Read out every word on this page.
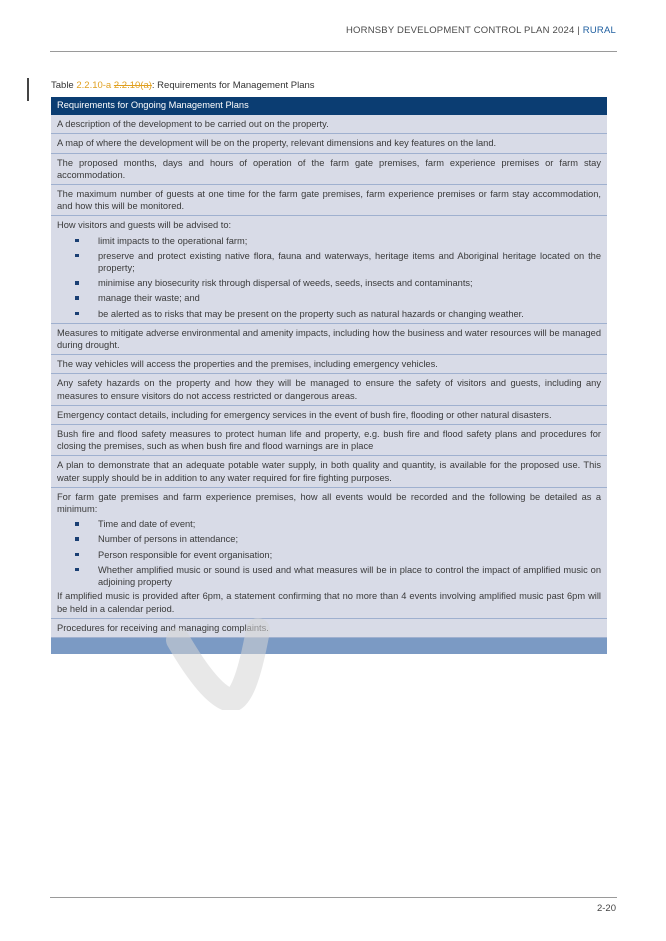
HORNSBY DEVELOPMENT CONTROL PLAN 2024 | RURAL
Table 2.2.10-a 2.2.10(a): Requirements for Management Plans
Requirements for Ongoing Management Plans
A description of the development to be carried out on the property.
A map of where the development will be on the property, relevant dimensions and key features on the land.
The proposed months, days and hours of operation of the farm gate premises, farm experience premises or farm stay accommodation.
The maximum number of guests at one time for the farm gate premises, farm experience premises or farm stay accommodation, and how this will be monitored.

How visitors and guests will be advised to:

limit impacts to the operational farm;
preserve and protect existing native flora, fauna and waterways, heritage items and Aboriginal heritage located on the property;
minimise any biosecurity risk through dispersal of weeds, seeds, insects and contaminants;
manage their waste; and
be alerted as to risks that may be present on the property such as natural hazards or changing weather.
Measures to mitigate adverse environmental and amenity impacts, including how the business and water resources will be managed during drought.
The way vehicles will access the properties and the premises, including emergency vehicles.
Any safety hazards on the property and how they will be managed to ensure the safety of visitors and guests, including any measures to ensure visitors do not access restricted or dangerous areas.
Emergency contact details, including for emergency services in the event of bush fire, flooding or other natural disasters.
Bush fire and flood safety measures to protect human life and property, e.g. bush fire and flood safety plans and procedures for closing the premises, such as when bush fire and flood warnings are in place
A plan to demonstrate that an adequate potable water supply, in both quality and quantity, is available for the proposed use. This water supply should be in addition to any water required for fire fighting purposes.

For farm gate premises and farm experience premises, how all events would be recorded and the following be detailed as a minimum:

Time and date of event;
Number of persons in attendance;
Person responsible for event organisation;
Whether amplified music or sound is used and what measures will be in place to control the impact of amplified music on adjoining property

If amplified music is provided after 6pm, a statement confirming that no more than 4 events involving amplified music past 6pm will be held in a calendar period.

Procedures for receiving and managing complaints.
2-20
